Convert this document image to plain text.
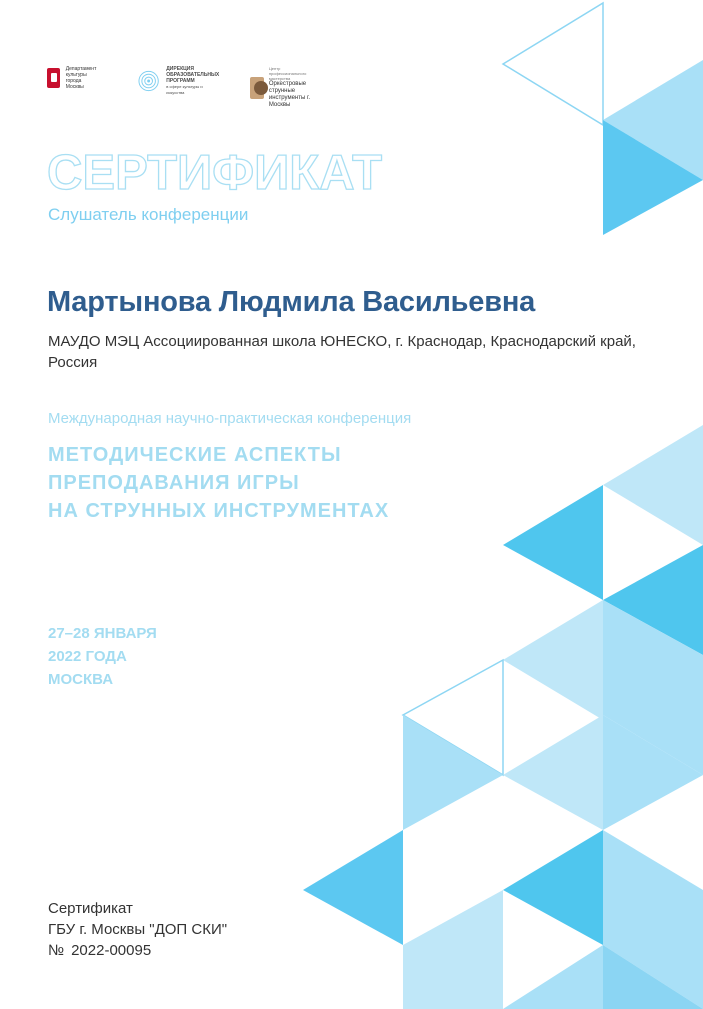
Департамент
культуры
города Москвы
ДИРЕКЦИЯ
ОБРАЗОВАТЕЛЬНЫХ
ПРОГРАММ
в сфере культуры и искусства
Центр профессионального мастерства
Оркестровые струнные
инструменты г. Москвы
СЕРТИФИКАТ

Слушатель конференции

Мартынова Людмила Васильевна

МАУДО МЭЦ Ассоциированная школа ЮНЕСКО, г. Краснодар, Краснодарский край, Россия

Международная научно-практическая конференция

МЕТОДИЧЕСКИЕ АСПЕКТЫ
ПРЕПОДАВАНИЯ ИГРЫ
НА СТРУННЫХ ИНСТРУМЕНТАХ
27–28 ЯНВАРЯ
2022 ГОДА
МОСКВА
Сертификат
ГБУ г. Москвы "ДОП СКИ"
№ 2022-00095
